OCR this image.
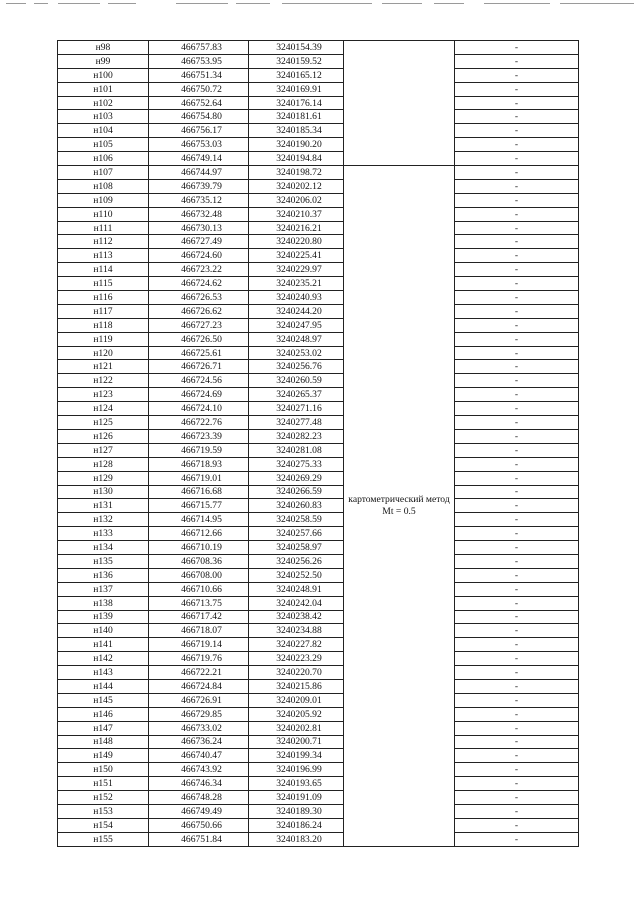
н98	466757.83	3240154.39		-
н99	466753.95	3240159.52		-
н100	466751.34	3240165.12		-
н101	466750.72	3240169.91		-
н102	466752.64	3240176.14		-
н103	466754.80	3240181.61		-
н104	466756.17	3240185.34		-
н105	466753.03	3240190.20		-
н106	466749.14	3240194.84		-
н107	466744.97	3240198.72	картометрический метод Mt = 0.5	-
н108	466739.79	3240202.12		-
н109	466735.12	3240206.02		-
н110	466732.48	3240210.37		-
н111	466730.13	3240216.21		-
н112	466727.49	3240220.80		-
н113	466724.60	3240225.41		-
н114	466723.22	3240229.97		-
н115	466724.62	3240235.21		-
н116	466726.53	3240240.93		-
н117	466726.62	3240244.20		-
н118	466727.23	3240247.95		-
н119	466726.50	3240248.97		-
н120	466725.61	3240253.02		-
н121	466726.71	3240256.76		-
н122	466724.56	3240260.59		-
н123	466724.69	3240265.37		-
н124	466724.10	3240271.16		-
н125	466722.76	3240277.48		-
н126	466723.39	3240282.23		-
н127	466719.59	3240281.08		-
н128	466718.93	3240275.33		-
н129	466719.01	3240269.29		-
н130	466716.68	3240266.59		-
н131	466715.77	3240260.83		-
н132	466714.95	3240258.59		-
н133	466712.66	3240257.66		-
н134	466710.19	3240258.97		-
н135	466708.36	3240256.26		-
н136	466708.00	3240252.50		-
н137	466710.66	3240248.91		-
н138	466713.75	3240242.04		-
н139	466717.42	3240238.42		-
н140	466718.07	3240234.88		-
н141	466719.14	3240227.82		-
н142	466719.76	3240223.29		-
н143	466722.21	3240220.70		-
н144	466724.84	3240215.86		-
н145	466726.91	3240209.01		-
н146	466729.85	3240205.92		-
н147	466733.02	3240202.81		-
н148	466736.24	3240200.71		-
н149	466740.47	3240199.34		-
н150	466743.92	3240196.99		-
н151	466746.34	3240193.65		-
н152	466748.28	3240191.09		-
н153	466749.49	3240189.30		-
н154	466750.66	3240186.24		-
н155	466751.84	3240183.20		-
